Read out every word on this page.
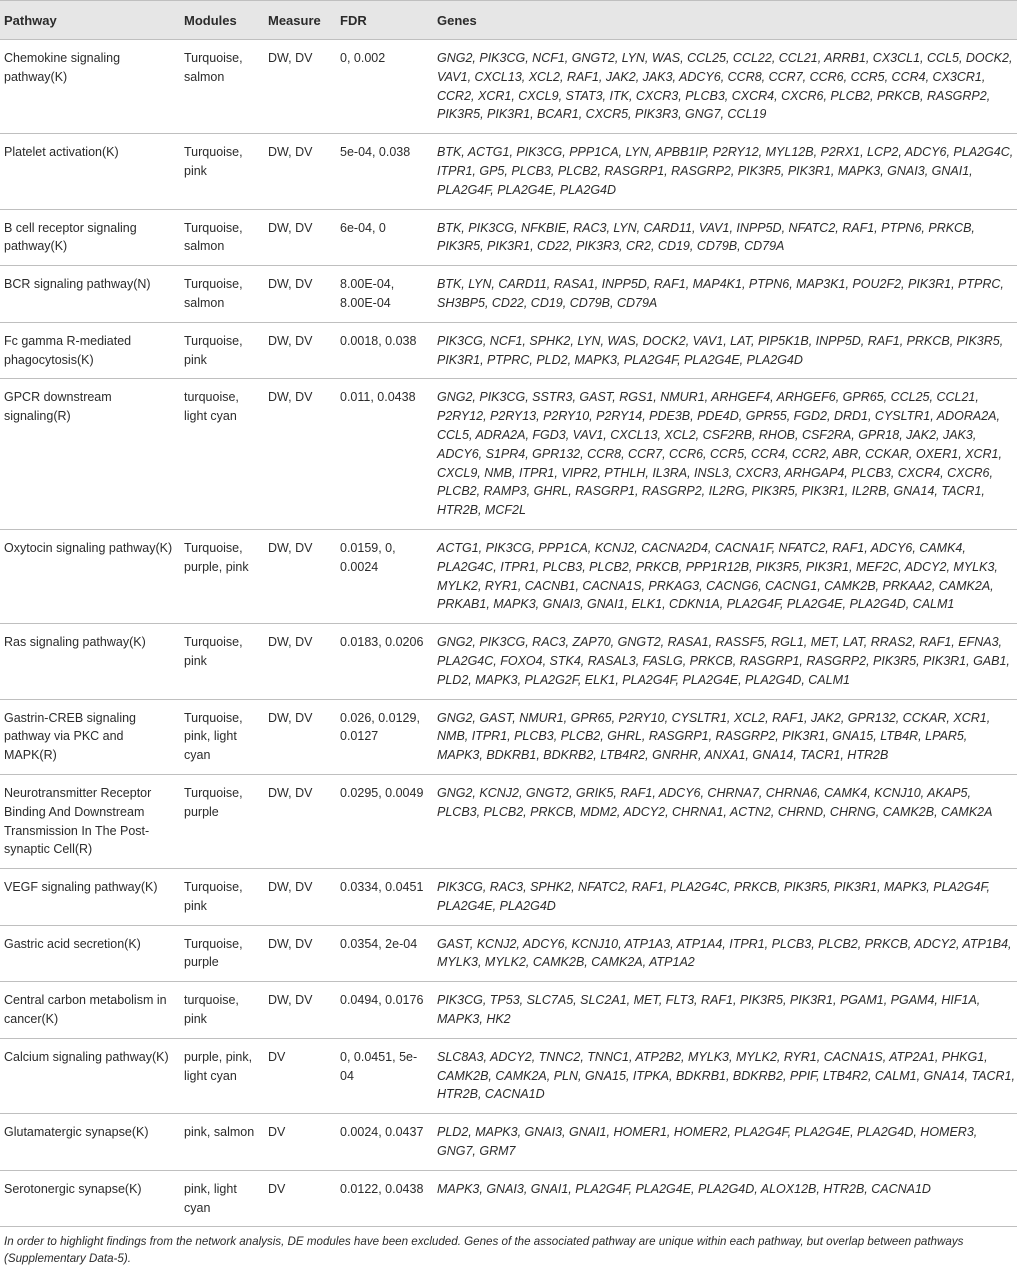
Pathway	Modules	Measure	FDR	Genes
Chemokine signaling pathway(K)	Turquoise, salmon	DW, DV	0, 0.002	GNG2, PIK3CG, NCF1, GNGT2, LYN, WAS, CCL25, CCL22, CCL21, ARRB1, CX3CL1, CCL5, DOCK2, VAV1, CXCL13, XCL2, RAF1, JAK2, JAK3, ADCY6, CCR8, CCR7, CCR6, CCR5, CCR4, CX3CR1, CCR2, XCR1, CXCL9, STAT3, ITK, CXCR3, PLCB3, CXCR4, CXCR6, PLCB2, PRKCB, RASGRP2, PIK3R5, PIK3R1, BCAR1, CXCR5, PIK3R3, GNG7, CCL19
Platelet activation(K)	Turquoise, pink	DW, DV	5e-04, 0.038	BTK, ACTG1, PIK3CG, PPP1CA, LYN, APBB1IP, P2RY12, MYL12B, P2RX1, LCP2, ADCY6, PLA2G4C, ITPR1, GP5, PLCB3, PLCB2, RASGRP1, RASGRP2, PIK3R5, PIK3R1, MAPK3, GNAI3, GNAI1, PLA2G4F, PLA2G4E, PLA2G4D
B cell receptor signaling pathway(K)	Turquoise, salmon	DW, DV	6e-04, 0	BTK, PIK3CG, NFKBIE, RAC3, LYN, CARD11, VAV1, INPP5D, NFATC2, RAF1, PTPN6, PRKCB, PIK3R5, PIK3R1, CD22, PIK3R3, CR2, CD19, CD79B, CD79A
BCR signaling pathway(N)	Turquoise, salmon	DW, DV	8.00E-04, 8.00E-04	BTK, LYN, CARD11, RASA1, INPP5D, RAF1, MAP4K1, PTPN6, MAP3K1, POU2F2, PIK3R1, PTPRC, SH3BP5, CD22, CD19, CD79B, CD79A
Fc gamma R-mediated phagocytosis(K)	Turquoise, pink	DW, DV	0.0018, 0.038	PIK3CG, NCF1, SPHK2, LYN, WAS, DOCK2, VAV1, LAT, PIP5K1B, INPP5D, RAF1, PRKCB, PIK3R5, PIK3R1, PTPRC, PLD2, MAPK3, PLA2G4F, PLA2G4E, PLA2G4D
GPCR downstream signaling(R)	turquoise, light cyan	DW, DV	0.011, 0.0438	GNG2, PIK3CG, SSTR3, GAST, RGS1, NMUR1, ARHGEF4, ARHGEF6, GPR65, CCL25, CCL21, P2RY12, P2RY13, P2RY10, P2RY14, PDE3B, PDE4D, GPR55, FGD2, DRD1, CYSLTR1, ADORA2A, CCL5, ADRA2A, FGD3, VAV1, CXCL13, XCL2, CSF2RB, RHOB, CSF2RA, GPR18, JAK2, JAK3, ADCY6, S1PR4, GPR132, CCR8, CCR7, CCR6, CCR5, CCR4, CCR2, ABR, CCKAR, OXER1, XCR1, CXCL9, NMB, ITPR1, VIPR2, PTHLH, IL3RA, INSL3, CXCR3, ARHGAP4, PLCB3, CXCR4, CXCR6, PLCB2, RAMP3, GHRL, RASGRP1, RASGRP2, IL2RG, PIK3R5, PIK3R1, IL2RB, GNA14, TACR1, HTR2B, MCF2L
Oxytocin signaling pathway(K)	Turquoise, purple, pink	DW, DV	0.0159, 0, 0.0024	ACTG1, PIK3CG, PPP1CA, KCNJ2, CACNA2D4, CACNA1F, NFATC2, RAF1, ADCY6, CAMK4, PLA2G4C, ITPR1, PLCB3, PLCB2, PRKCB, PPP1R12B, PIK3R5, PIK3R1, MEF2C, ADCY2, MYLK3, MYLK2, RYR1, CACNB1, CACNA1S, PRKAG3, CACNG6, CACNG1, CAMK2B, PRKAA2, CAMK2A, PRKAB1, MAPK3, GNAI3, GNAI1, ELK1, CDKN1A, PLA2G4F, PLA2G4E, PLA2G4D, CALM1
Ras signaling pathway(K)	Turquoise, pink	DW, DV	0.0183, 0.0206	GNG2, PIK3CG, RAC3, ZAP70, GNGT2, RASA1, RASSF5, RGL1, MET, LAT, RRAS2, RAF1, EFNA3, PLA2G4C, FOXO4, STK4, RASAL3, FASLG, PRKCB, RASGRP1, RASGRP2, PIK3R5, PIK3R1, GAB1, PLD2, MAPK3, PLA2G2F, ELK1, PLA2G4F, PLA2G4E, PLA2G4D, CALM1
Gastrin-CREB signaling pathway via PKC and MAPK(R)	Turquoise, pink, light cyan	DW, DV	0.026, 0.0129, 0.0127	GNG2, GAST, NMUR1, GPR65, P2RY10, CYSLTR1, XCL2, RAF1, JAK2, GPR132, CCKAR, XCR1, NMB, ITPR1, PLCB3, PLCB2, GHRL, RASGRP1, RASGRP2, PIK3R1, GNA15, LTB4R, LPAR5, MAPK3, BDKRB1, BDKRB2, LTB4R2, GNRHR, ANXA1, GNA14, TACR1, HTR2B
Neurotransmitter Receptor Binding And Downstream Transmission In The Post-synaptic Cell(R)	Turquoise, purple	DW, DV	0.0295, 0.0049	GNG2, KCNJ2, GNGT2, GRIK5, RAF1, ADCY6, CHRNA7, CHRNA6, CAMK4, KCNJ10, AKAP5, PLCB3, PLCB2, PRKCB, MDM2, ADCY2, CHRNA1, ACTN2, CHRND, CHRNG, CAMK2B, CAMK2A
VEGF signaling pathway(K)	Turquoise, pink	DW, DV	0.0334, 0.0451	PIK3CG, RAC3, SPHK2, NFATC2, RAF1, PLA2G4C, PRKCB, PIK3R5, PIK3R1, MAPK3, PLA2G4F, PLA2G4E, PLA2G4D
Gastric acid secretion(K)	Turquoise, purple	DW, DV	0.0354, 2e-04	GAST, KCNJ2, ADCY6, KCNJ10, ATP1A3, ATP1A4, ITPR1, PLCB3, PLCB2, PRKCB, ADCY2, ATP1B4, MYLK3, MYLK2, CAMK2B, CAMK2A, ATP1A2
Central carbon metabolism in cancer(K)	turquoise, pink	DW, DV	0.0494, 0.0176	PIK3CG, TP53, SLC7A5, SLC2A1, MET, FLT3, RAF1, PIK3R5, PIK3R1, PGAM1, PGAM4, HIF1A, MAPK3, HK2
Calcium signaling pathway(K)	purple, pink, light cyan	DV	0, 0.0451, 5e-04	SLC8A3, ADCY2, TNNC2, TNNC1, ATP2B2, MYLK3, MYLK2, RYR1, CACNA1S, ATP2A1, PHKG1, CAMK2B, CAMK2A, PLN, GNA15, ITPKA, BDKRB1, BDKRB2, PPIF, LTB4R2, CALM1, GNA14, TACR1, HTR2B, CACNA1D
Glutamatergic synapse(K)	pink, salmon	DV	0.0024, 0.0437	PLD2, MAPK3, GNAI3, GNAI1, HOMER1, HOMER2, PLA2G4F, PLA2G4E, PLA2G4D, HOMER3, GNG7, GRM7
Serotonergic synapse(K)	pink, light cyan	DV	0.0122, 0.0438	MAPK3, GNAI3, GNAI1, PLA2G4F, PLA2G4E, PLA2G4D, ALOX12B, HTR2B, CACNA1D
In order to highlight findings from the network analysis, DE modules have been excluded. Genes of the associated pathway are unique within each pathway, but overlap between pathways (Supplementary Data-5).
